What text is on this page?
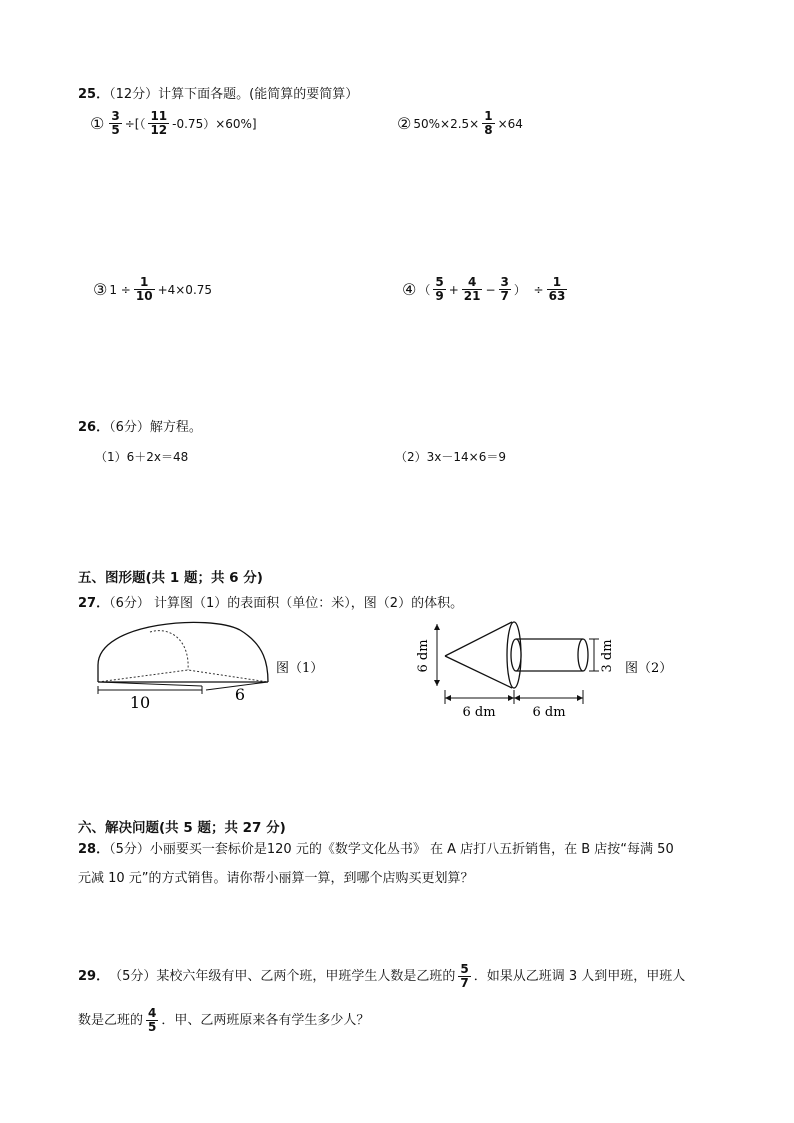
25．（12分）计算下面各题。(能简算的要简算）
① $\frac{3}{5}$ ÷[（ $\frac{11}{12} -0.75)\times 60\%$]	② $50\%\times 2.5\times \frac{1}{8} \times 64$
③ $1 \div \frac{1}{10} +4\times 0.75$	④ （ $\frac{5}{9} + \frac{4}{21} - \frac{3}{7}$ ）  ÷ $\frac{1}{63}$
26．（6分）解方程。
（1）6＋2x＝48	（2）3x－14×6＝9
五、图形题(共 1 题；共 6 分)
27．（6分） 计算图（1）的表面积（单位：米），图（2）的体积。
10	6
图（1）	6 dm	3 dm 图（2）
6 dm	6 dm
六、解决问题(共 5 题；共 27 分)
28．（5分）小丽要买一套标价是120 元的《数学文化丛书》 在 A 店打八五折销售，在 B 店按“每满 50
元减 10 元”的方式销售。请你帮小丽算一算，到哪个店购买更划算？
29 ． （5分） 某校六年级有甲、乙两个班，甲班学生人数是乙班的 $\frac{5}{7}$ ．如果从乙班调 3 人到甲班，甲班人
数是乙班的 $\frac{4}{5}$ ．甲、乙两班原来各有学生多少人？
